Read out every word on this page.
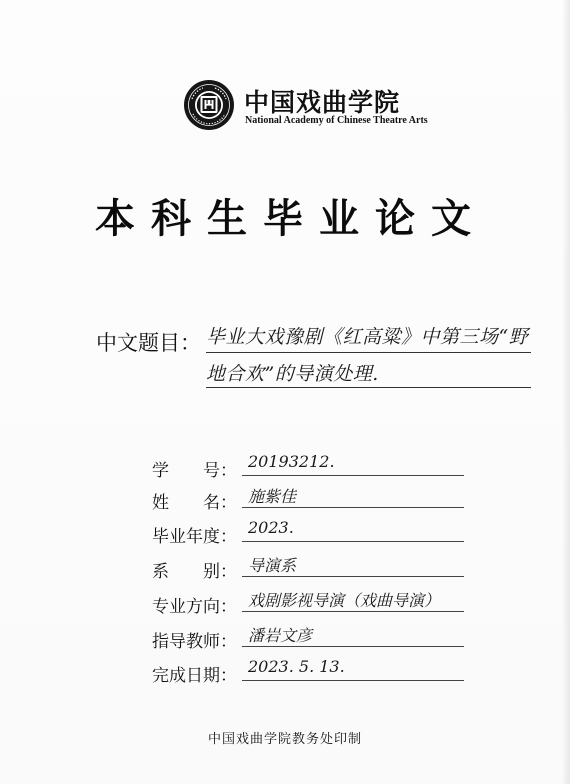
中国戏曲学院
National Academy of Chinese Theatre Arts
本科生毕业论文
中文题目： 毕业大戏豫剧《红高粱》中第三场“野
地合欢”的导演处理.
学　　号： 20193212.
姓　　名： 施紫佳
毕业年度： 2023.
系　　别： 导演系
专业方向： 戏剧影视导演（戏曲导演）
指导教师： 潘岩文彦
完成日期： 2023. 5. 13.
中国戏曲学院教务处印制
